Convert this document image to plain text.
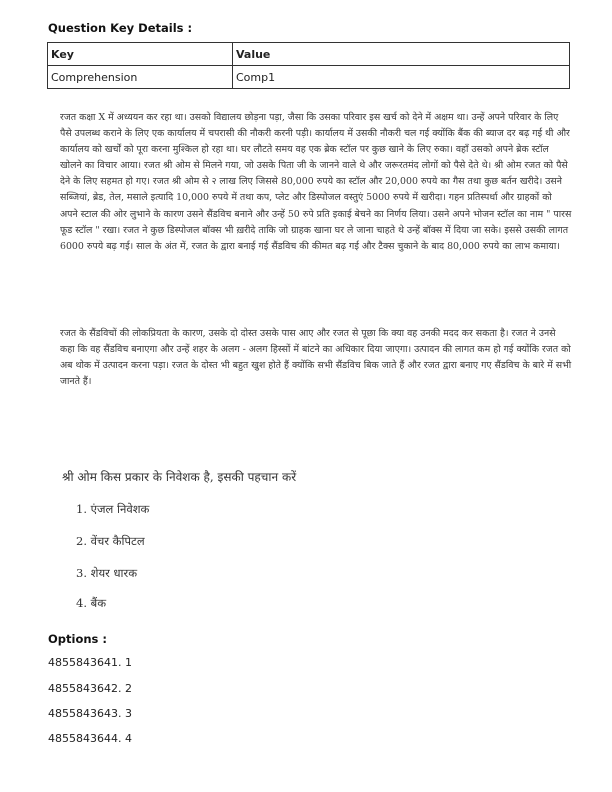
Question Key Details :
Key	Value
Comprehension	Comp1

रजत कक्षा X में अध्ययन कर रहा था। उसको विद्यालय छोड़ना पड़ा, जैसा कि उसका परिवार इस खर्च को देने में अक्षम था। उन्हें अपने परिवार के लिए पैसे उपलब्ध कराने के लिए एक कार्यालय में चपरासी की नौकरी करनी पड़ी। कार्यालय में उसकी नौकरी चल गई क्योंकि बैंक की ब्याज दर बढ़ गई थी और कार्यालय को खर्चों को पूरा करना मुश्किल हो रहा था। घर लौटते समय वह एक ब्रेक स्टॉल पर कुछ खाने के लिए रुका। वहाँ उसको अपने ब्रेक स्टॉल खोलने का विचार आया। रजत श्री ओम से मिलने गया, जो उसके पिता जी के जानने वाले थे और जरूरतमंद लोगों को पैसे देते थे। श्री ओम रजत को पैसे देने के लिए सहमत हो गए। रजत श्री ओम से २ लाख लिए जिससे 80,000 रुपये का स्टॉल और 20,000 रुपये का गैस तथा कुछ बर्तन खरीदे। उसने सब्जियां, ब्रेड, तेल, मसाले इत्यादि 10,000 रुपये में तथा कप, प्लेट और डिस्पोजल वस्तुएं 5000 रुपये में खरीदा। गहन प्रतिस्पर्धा और ग्राहकों को अपने स्टाल की ओर लुभाने के कारण उसने सैंडविच बनाने और उन्हें 50 रुपे प्रति इकाई बेचने का निर्णय लिया। उसने अपने भोजन स्टॉल का नाम " पारस फूड स्टॉल " रखा। रजत ने कुछ डिस्पोजल बॉक्स भी ख़रीदे ताकि जो ग्राहक खाना घर ले जाना चाहते थे उन्हें बॉक्स में दिया जा सके। इससे उसकी लागत 6000 रुपये बढ़ गई। साल के अंत में, रजत के द्वारा बनाई गई सैंडविच की कीमत बढ़ गई और टैक्स चुकाने के बाद 80,000 रुपये का लाभ कमाया।

रजत के सैंडविचों की लोकप्रियता के कारण, उसके दो दोस्त उसके पास आए और रजत से पूछा कि क्या वह उनकी मदद कर सकता है। रजत ने उनसे कहा कि वह सैंडविच बनाएगा और उन्हें शहर के अलग - अलग हिस्सों में बांटने का अधिकार दिया जाएगा। उत्पादन की लागत कम हो गई क्योंकि रजत को अब थोक में उत्पादन करना पड़ा। रजत के दोस्त भी बहुत खुश होते हैं क्योंकि सभी सैंडविच बिक जाते हैं और रजत द्वारा बनाए गए सैंडविच के बारे में सभी जानते हैं।

श्री ओम किस प्रकार के निवेशक है, इसकी पहचान करें
1. एंजल निवेशक
2. वेंचर कैपिटल
3. शेयर धारक
4. बैंक
Options :
4855843641. 1
4855843642. 2
4855843643. 3
4855843644. 4
